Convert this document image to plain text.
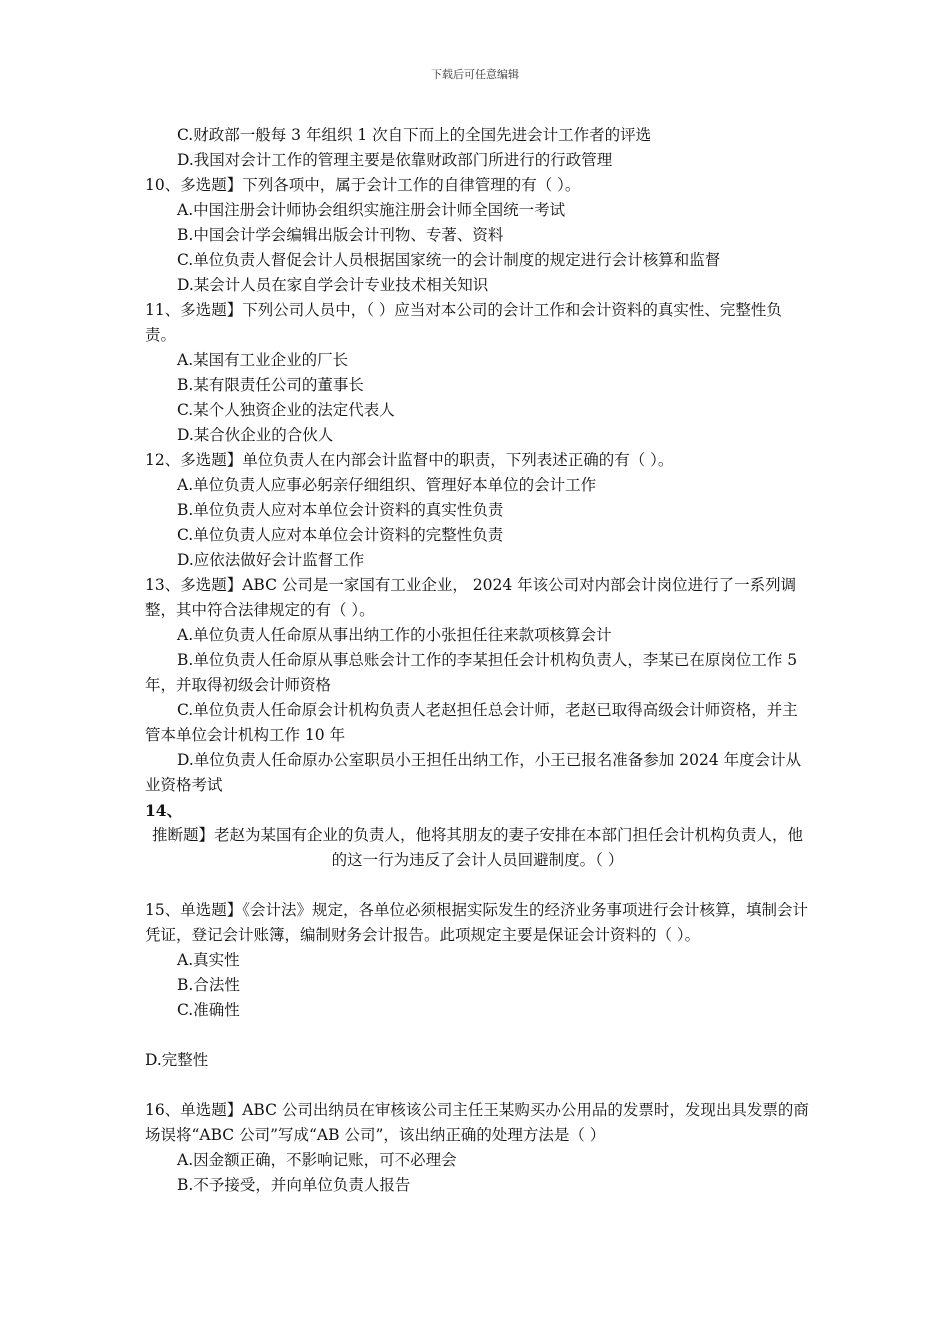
下载后可任意编辑
C.财政部一般每 3 年组织 1 次自下而上的全国先进会计工作者的评选
D.我国对会计工作的管理主要是依靠财政部门所进行的行政管理
10、多选题】下列各项中，属于会计工作的自律管理的有（ ）。
A.中国注册会计师协会组织实施注册会计师全国统一考试
B.中国会计学会编辑出版会计刊物、专著、资料
C.单位负责人督促会计人员根据国家统一的会计制度的规定进行会计核算和监督
D.某会计人员在家自学会计专业技术相关知识
11、多选题】下列公司人员中，（ ）应当对本公司的会计工作和会计资料的真实性、完整性负责。
A.某国有工业企业的厂长
B.某有限责任公司的董事长
C.某个人独资企业的法定代表人
D.某合伙企业的合伙人
12、多选题】单位负责人在内部会计监督中的职责，下列表述正确的有（ ）。
A.单位负责人应事必躬亲仔细组织、管理好本单位的会计工作
B.单位负责人应对本单位会计资料的真实性负责
C.单位负责人应对本单位会计资料的完整性负责
D.应依法做好会计监督工作
13、多选题】ABC 公司是一家国有工业企业， 2024 年该公司对内部会计岗位进行了一系列调整，其中符合法律规定的有（ ）。
A.单位负责人任命原从事出纳工作的小张担任往来款项核算会计
B.单位负责人任命原从事总账会计工作的李某担任会计机构负责人，李某已在原岗位工作 5 年，并取得初级会计师资格
C.单位负责人任命原会计机构负责人老赵担任总会计师，老赵已取得高级会计师资格，并主管本单位会计机构工作 10 年
D.单位负责人任命原办公室职员小王担任出纳工作，小王已报名准备参加 2024 年度会计从业资格考试
14、
推断题】老赵为某国有企业的负责人，他将其朋友的妻子安排在本部门担任会计机构负责人，他的这一行为违反了会计人员回避制度。（ ）
15、单选题】《会计法》规定，各单位必须根据实际发生的经济业务事项进行会计核算，填制会计凭证，登记会计账簿，编制财务会计报告。此项规定主要是保证会计资料的（ ）。
A.真实性
B.合法性
C.准确性
D.完整性
16、单选题】ABC 公司出纳员在审核该公司主任王某购买办公用品的发票时，发现出具发票的商场误将“ABC 公司”写成“AB 公司”，该出纳正确的处理方法是（ ）
A.因金额正确，不影响记账，可不必理会
B.不予接受，并向单位负责人报告
